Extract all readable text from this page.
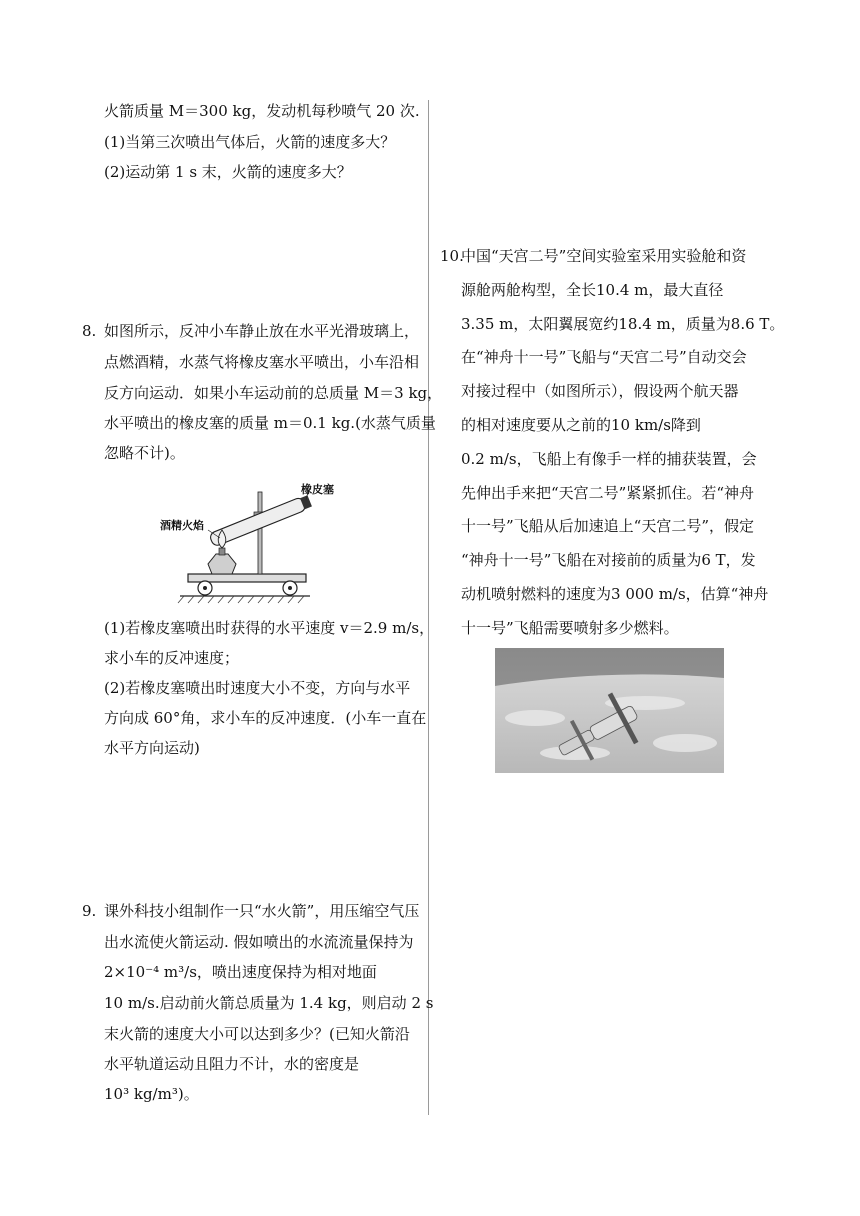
火箭质量 M＝300 kg，发动机每秒喷气 20 次.
(1)当第三次喷出气体后，火箭的速度多大？
(2)运动第 1 s 末，火箭的速度多大？
8. 如图所示，反冲小车静止放在水平光滑玻璃上，
点燃酒精，水蒸气将橡皮塞水平喷出，小车沿相
反方向运动．如果小车运动前的总质量 M＝3 kg，
水平喷出的橡皮塞的质量 m＝0.1 kg.(水蒸气质量
忽略不计)。
橡皮塞
酒精火焰
(1)若橡皮塞喷出时获得的水平速度 v＝2.9 m/s，
求小车的反冲速度；
(2)若橡皮塞喷出时速度大小不变，方向与水平
方向成 60°角，求小车的反冲速度．(小车一直在
水平方向运动)
9. 课外科技小组制作一只“水火箭”，用压缩空气压
出水流使火箭运动. 假如喷出的水流流量保持为
2×10⁻⁴ m³/s，喷出速度保持为相对地面
10 m/s.启动前火箭总质量为 1.4 kg，则启动 2 s
末火箭的速度大小可以达到多少？(已知火箭沿
水平轨道运动且阻力不计，水的密度是
10³ kg/m³)。
10.
中国“天宫二号”空间实验室采用实验舱和资
源舱两舱构型，全长10.4 m，最大直径
3.35 m，太阳翼展宽约18.4 m，质量为8.6 T。
在“神舟十一号”飞船与“天宫二号”自动交会
对接过程中（如图所示），假设两个航天器
的相对速度要从之前的10 km/s降到
0.2 m/s，飞船上有像手一样的捕获装置，会
先伸出手来把“天宫二号”紧紧抓住。若“神舟
十一号”飞船从后加速追上“天宫二号”，假定
“神舟十一号”飞船在对接前的质量为6 T，发
动机喷射燃料的速度为3 000 m/s，估算“神舟
十一号”飞船需要喷射多少燃料。
